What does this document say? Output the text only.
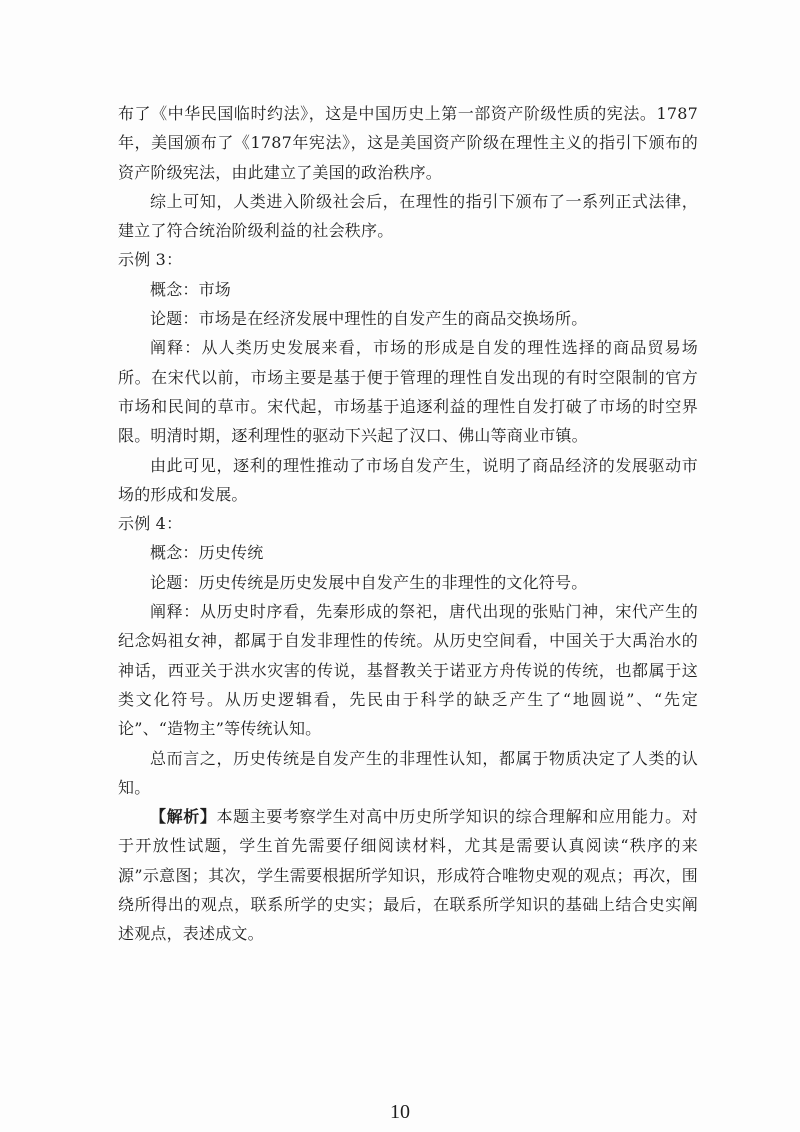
布了《中华民国临时约法》，这是中国历史上第一部资产阶级性质的宪法。1787年，美国颁布了《1787年宪法》，这是美国资产阶级在理性主义的指引下颁布的资产阶级宪法，由此建立了美国的政治秩序。

综上可知，人类进入阶级社会后，在理性的指引下颁布了一系列正式法律，建立了符合统治阶级利益的社会秩序。

示例 3：

概念：市场

论题：市场是在经济发展中理性的自发产生的商品交换场所。

阐释：从人类历史发展来看，市场的形成是自发的理性选择的商品贸易场所。在宋代以前，市场主要是基于便于管理的理性自发出现的有时空限制的官方市场和民间的草市。宋代起，市场基于追逐利益的理性自发打破了市场的时空界限。明清时期，逐利理性的驱动下兴起了汉口、佛山等商业市镇。

由此可见，逐利的理性推动了市场自发产生，说明了商品经济的发展驱动市场的形成和发展。

示例 4：

概念：历史传统

论题：历史传统是历史发展中自发产生的非理性的文化符号。

阐释：从历史时序看，先秦形成的祭祀，唐代出现的张贴门神，宋代产生的纪念妈祖女神，都属于自发非理性的传统。从历史空间看，中国关于大禹治水的神话，西亚关于洪水灾害的传说，基督教关于诺亚方舟传说的传统，也都属于这类文化符号。从历史逻辑看，先民由于科学的缺乏产生了“地圆说”、“先定论”、“造物主”等传统认知。

总而言之，历史传统是自发产生的非理性认知，都属于物质决定了人类的认知。

【解析】本题主要考察学生对高中历史所学知识的综合理解和应用能力。对于开放性试题，学生首先需要仔细阅读材料，尤其是需要认真阅读“秩序的来源”示意图；其次，学生需要根据所学知识，形成符合唯物史观的观点；再次，围绕所得出的观点，联系所学的史实；最后，在联系所学知识的基础上结合史实阐述观点，表述成文。

10
